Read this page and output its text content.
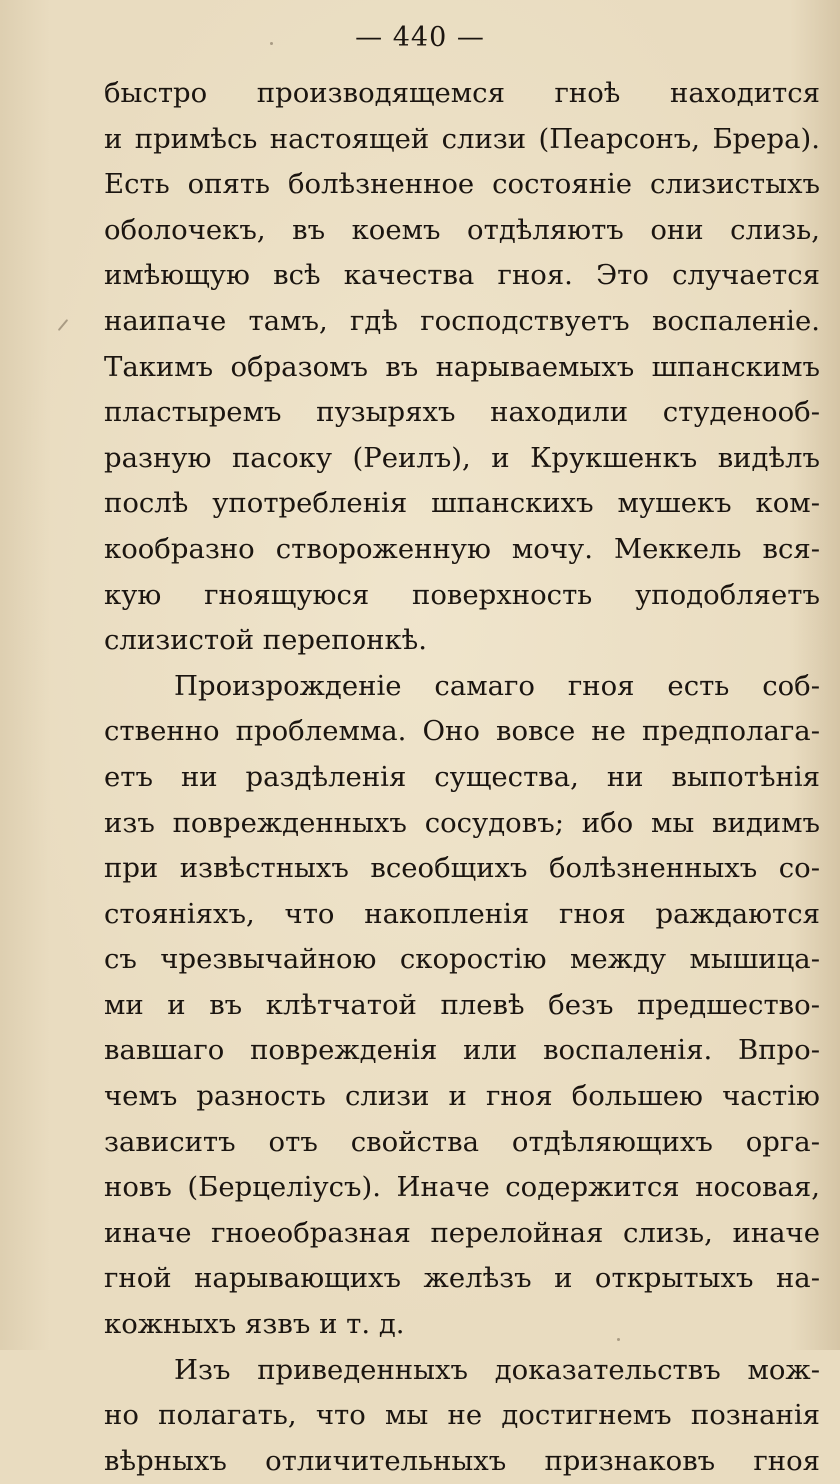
— 440 —
быстро производящемся гноѣ находится
и примѣсь настоящей слизи (Пеарсонъ, Брера).
Есть опять болѣзненное состояніе слизистыхъ
оболочекъ, въ коемъ отдѣляютъ они слизь,
имѣющую всѣ качества гноя. Это случается
наипаче тамъ, гдѣ господствуетъ воспаленіе.
Такимъ образомъ въ нарываемыхъ шпанскимъ
пластыремъ пузыряхъ находили студенооб-
разную пасоку (Реилъ), и Крукшенкъ видѣлъ
послѣ употребленія шпанскихъ мушекъ ком-
кообразно створоженную мочу. Меккель вся-
кую гноящуюся поверхность уподобляетъ
слизистой перепонкѣ.
Произрожденіе самаго гноя есть соб-
ственно проблемма. Оно вовсе не предполага-
етъ ни раздѣленія существа, ни выпотѣнія
изъ поврежденныхъ сосудовъ; ибо мы видимъ
при извѣстныхъ всеобщихъ болѣзненныхъ со-
стояніяхъ, что накопленія гноя раждаются
съ чрезвычайною скоростію между мышица-
ми и въ клѣтчатой плевѣ безъ предшество-
вавшаго поврежденія или воспаленія. Впро-
чемъ разность слизи и гноя большею частію
зависитъ отъ свойства отдѣляющихъ орга-
новъ (Берцеліусъ). Иначе содержится носовая,
иначе гноеобразная перелойная слизь, иначе
гной нарывающихъ желѣзъ и открытыхъ на-
кожныхъ язвъ и т. д.
Изъ приведенныхъ доказательствъ мож-
но полагать, что мы не достигнемъ познанія
вѣрныхъ отличительныхъ признаковъ гноя
